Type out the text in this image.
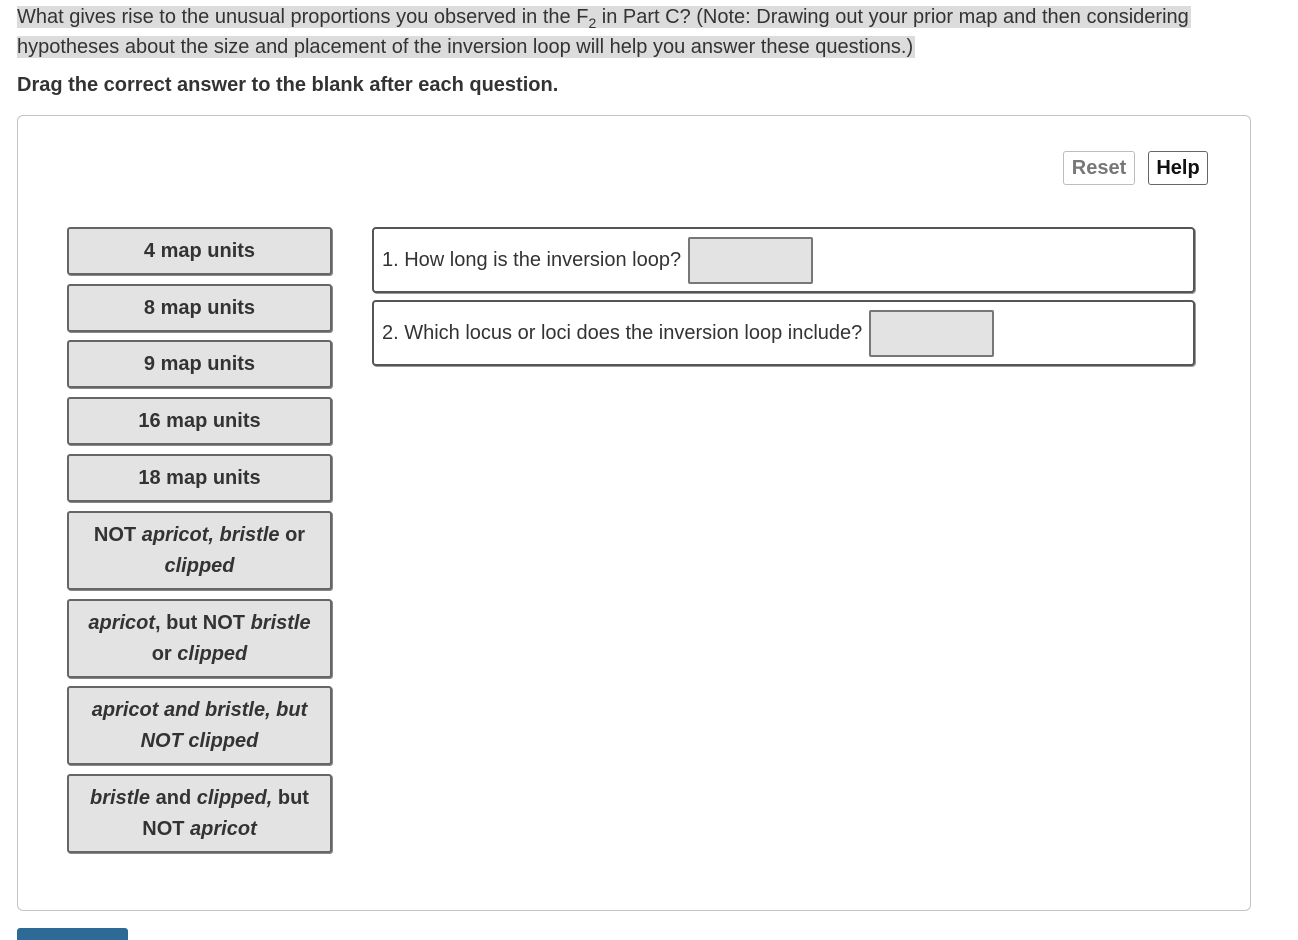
What gives rise to the unusual proportions you observed in the $F_2$ in Part C? (Note: Drawing out your prior map and then considering hypotheses about the size and placement of the inversion loop will help you answer these questions.)
Drag the correct answer to the blank after each question.
Reset	Help
4 map units
8 map units
9 map units
16 map units
18 map units
NOT apricot, bristle or clipped
apricot, but NOT bristle or clipped
apricot and bristle, but NOT clipped
bristle and clipped, but NOT apricot
1. How long is the inversion loop?
2. Which locus or loci does the inversion loop include?
